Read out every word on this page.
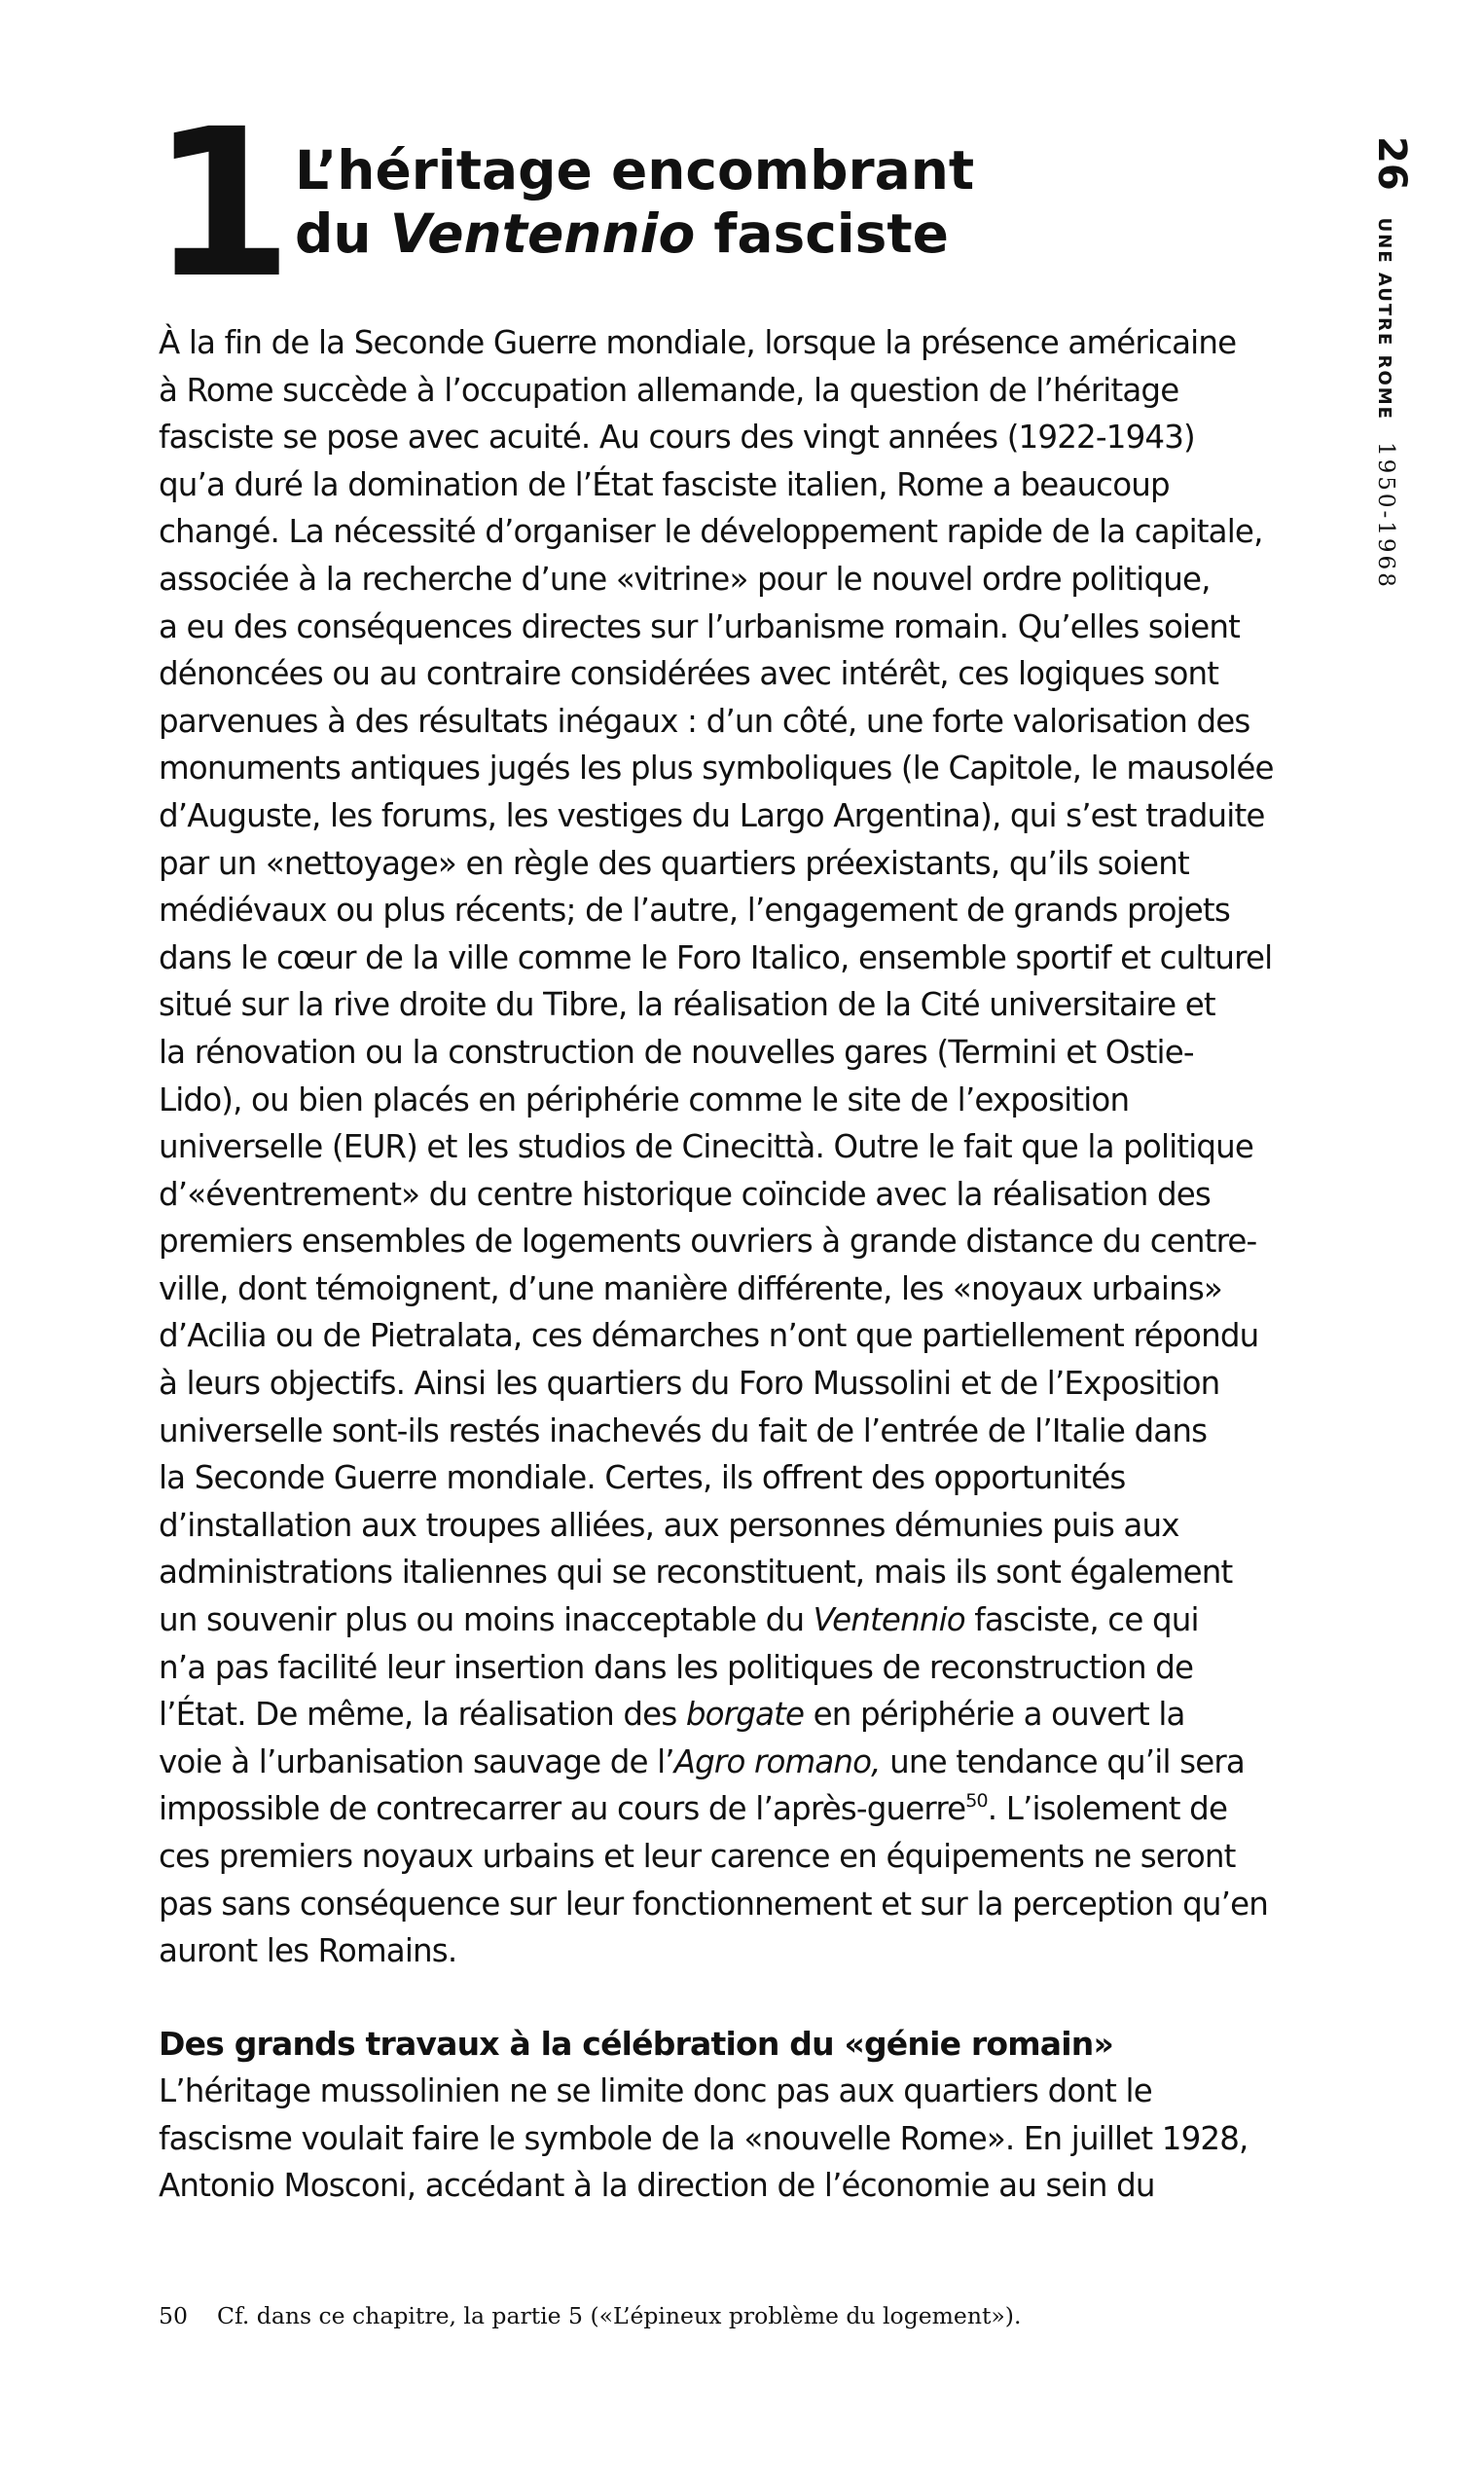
1 L’héritage encombrant
du Ventennio fasciste
26
UNE AUTRE ROME
1950-1968
À la fin de la Seconde Guerre mondiale, lorsque la présence américaine
à Rome succède à l’occupation allemande, la question de l’héritage
fasciste se pose avec acuité. Au cours des vingt années (1922-1943)
qu’a duré la domination de l’État fasciste italien, Rome a beaucoup
changé. La nécessité d’organiser le développement rapide de la capitale,
associée à la recherche d’une «vitrine» pour le nouvel ordre politique,
a eu des conséquences directes sur l’urbanisme romain. Qu’elles soient
dénoncées ou au contraire considérées avec intérêt, ces logiques sont
parvenues à des résultats inégaux : d’un côté, une forte valorisation des
monuments antiques jugés les plus symboliques (le Capitole, le mausolée
d’Auguste, les forums, les vestiges du Largo Argentina), qui s’est traduite
par un «nettoyage» en règle des quartiers préexistants, qu’ils soient
médiévaux ou plus récents; de l’autre, l’engagement de grands projets
dans le cœur de la ville comme le Foro Italico, ensemble sportif et culturel
situé sur la rive droite du Tibre, la réalisation de la Cité universitaire et
la rénovation ou la construction de nouvelles gares (Termini et Ostie-
Lido), ou bien placés en périphérie comme le site de l’exposition
universelle (EUR) et les studios de Cinecittà. Outre le fait que la politique
d’«éventrement» du centre historique coïncide avec la réalisation des
premiers ensembles de logements ouvriers à grande distance du centre-
ville, dont témoignent, d’une manière différente, les «noyaux urbains»
d’Acilia ou de Pietralata, ces démarches n’ont que partiellement répondu
à leurs objectifs. Ainsi les quartiers du Foro Mussolini et de l’Exposition
universelle sont-ils restés inachevés du fait de l’entrée de l’Italie dans
la Seconde Guerre mondiale. Certes, ils offrent des opportunités
d’installation aux troupes alliées, aux personnes démunies puis aux
administrations italiennes qui se reconstituent, mais ils sont également
un souvenir plus ou moins inacceptable du Ventennio fasciste, ce qui
n’a pas facilité leur insertion dans les politiques de reconstruction de
l’État. De même, la réalisation des borgate en périphérie a ouvert la
voie à l’urbanisation sauvage de l’Agro romano, une tendance qu’il sera
impossible de contrecarrer au cours de l’après-guerre$^{50}$. L’isolement de
ces premiers noyaux urbains et leur carence en équipements ne seront
pas sans conséquence sur leur fonctionnement et sur la perception qu’en
auront les Romains.
Des grands travaux à la célébration du «génie romain»
L’héritage mussolinien ne se limite donc pas aux quartiers dont le
fascisme voulait faire le symbole de la «nouvelle Rome». En juillet 1928,
Antonio Mosconi, accédant à la direction de l’économie au sein du
50 Cf. dans ce chapitre, la partie 5 («L’épineux problème du logement»).
